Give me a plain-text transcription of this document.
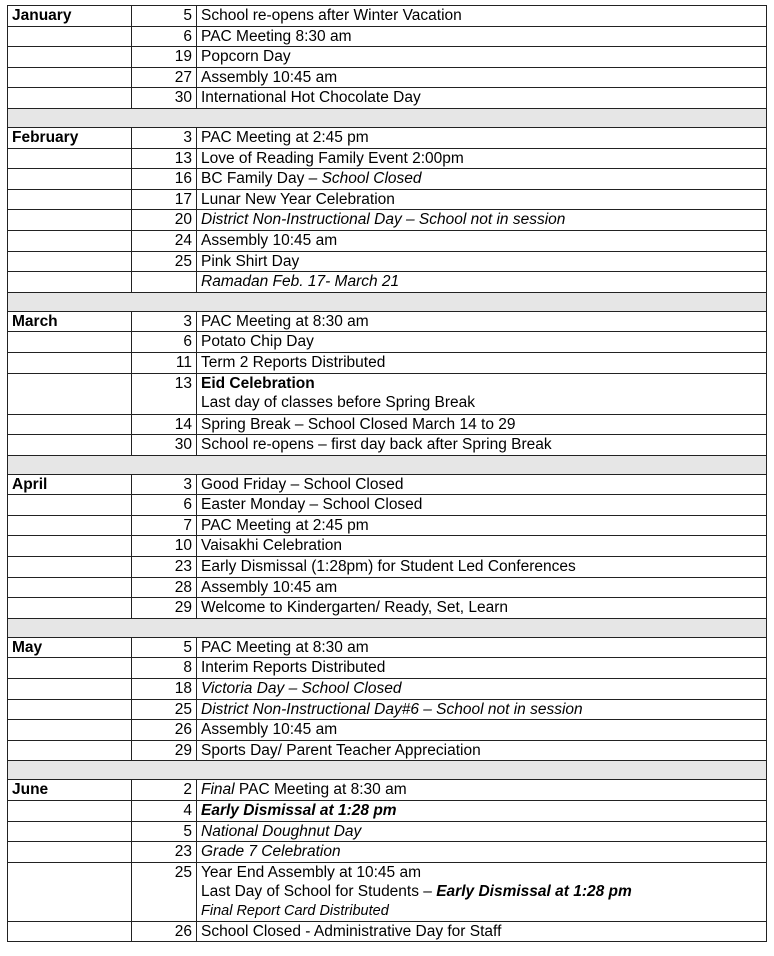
January	5	School re-opens after Winter Vacation

	6	PAC Meeting 8:30 am

	19	Popcorn Day

	27	Assembly 10:45 am

	30	International Hot Chocolate Day

February	3	PAC Meeting at 2:45 pm

	13	Love of Reading Family Event 2:00pm

	16	BC Family Day – School Closed

	17	Lunar New Year Celebration

	20	District Non-Instructional Day – School not in session

	24	Assembly 10:45 am

	25	Pink Shirt Day

		Ramadan Feb. 17- March 21

March	3	PAC Meeting at 8:30 am

	6	Potato Chip Day

	11	Term 2 Reports Distributed

	13	Eid Celebration
Last day of classes before Spring Break

	14	Spring Break – School Closed March 14 to 29

	30	School re-opens – first day back after Spring Break

April	3	Good Friday – School Closed

	6	Easter Monday – School Closed

	7	PAC Meeting at 2:45 pm

	10	Vaisakhi Celebration

	23	Early Dismissal (1:28pm) for Student Led Conferences

	28	Assembly 10:45 am

	29	Welcome to Kindergarten/ Ready, Set, Learn

May	5	PAC Meeting at 8:30 am

	8	Interim Reports Distributed

	18	Victoria Day – School Closed

	25	District Non-Instructional Day#6 – School not in session

	26	Assembly 10:45 am

	29	Sports Day/ Parent Teacher Appreciation

June	2	Final PAC Meeting at 8:30 am

	4	Early Dismissal at 1:28 pm

	5	National Doughnut Day

	23	Grade 7 Celebration

	25	Year End Assembly at 10:45 am
Last Day of School for Students – Early Dismissal at 1:28 pm
Final Report Card Distributed

	26	School Closed - Administrative Day for Staff
